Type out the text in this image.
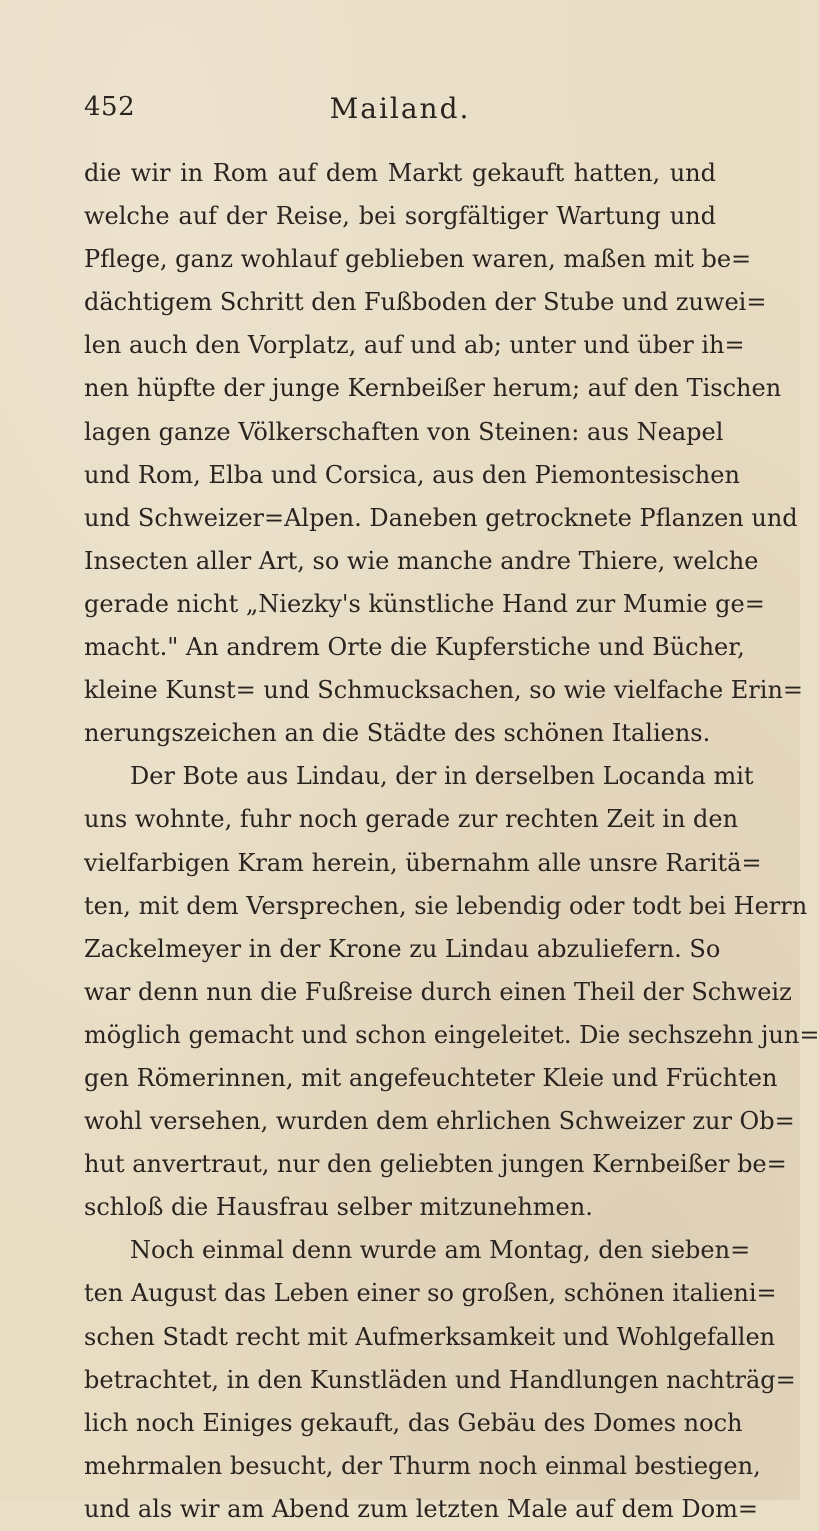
452	Mailand.
die wir in Rom auf dem Markt gekauft hatten, und
welche auf der Reise, bei sorgfältiger Wartung und
Pflege, ganz wohlauf geblieben waren, maßen mit be=
dächtigem Schritt den Fußboden der Stube und zuwei=
len auch den Vorplatz, auf und ab; unter und über ih=
nen hüpfte der junge Kernbeißer herum; auf den Tischen
lagen ganze Völkerschaften von Steinen: aus Neapel
und Rom, Elba und Corsica, aus den Piemontesischen
und Schweizer=Alpen. Daneben getrocknete Pflanzen und
Insecten aller Art, so wie manche andre Thiere, welche
gerade nicht „Niezky's künstliche Hand zur Mumie ge=
macht." An andrem Orte die Kupferstiche und Bücher,
kleine Kunst= und Schmucksachen, so wie vielfache Erin=
nerungszeichen an die Städte des schönen Italiens.
Der Bote aus Lindau, der in derselben Locanda mit
uns wohnte, fuhr noch gerade zur rechten Zeit in den
vielfarbigen Kram herein, übernahm alle unsre Raritä=
ten, mit dem Versprechen, sie lebendig oder todt bei Herrn
Zackelmeyer in der Krone zu Lindau abzuliefern. So
war denn nun die Fußreise durch einen Theil der Schweiz
möglich gemacht und schon eingeleitet. Die sechszehn jun=
gen Römerinnen, mit angefeuchteter Kleie und Früchten
wohl versehen, wurden dem ehrlichen Schweizer zur Ob=
hut anvertraut, nur den geliebten jungen Kernbeißer be=
schloß die Hausfrau selber mitzunehmen.
Noch einmal denn wurde am Montag, den sieben=
ten August das Leben einer so großen, schönen italieni=
schen Stadt recht mit Aufmerksamkeit und Wohlgefallen
betrachtet, in den Kunstläden und Handlungen nachträg=
lich noch Einiges gekauft, das Gebäu des Domes noch
mehrmalen besucht, der Thurm noch einmal bestiegen,
und als wir am Abend zum letzten Male auf dem Dom=
